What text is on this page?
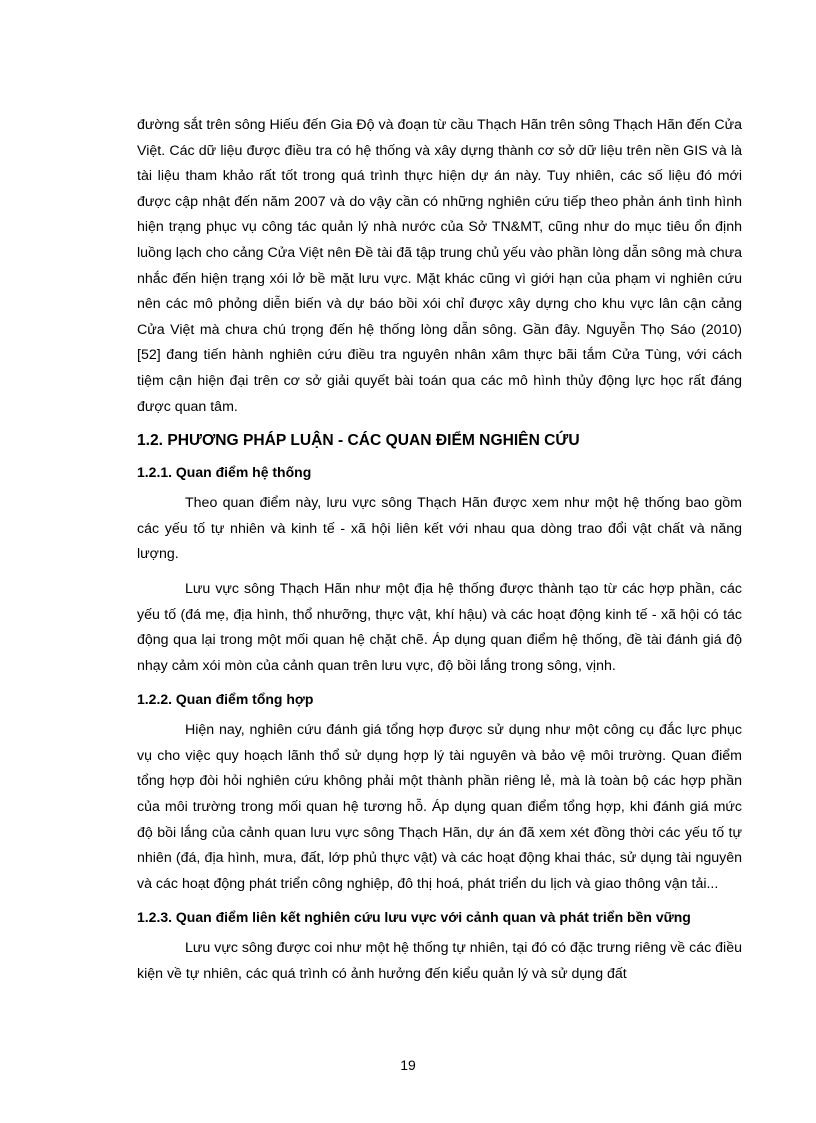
đường sắt trên sông Hiếu đến Gia Độ và đoạn từ cầu Thạch Hãn trên sông Thạch Hãn đến Cửa Việt. Các dữ liệu được điều tra có hệ thống và xây dựng thành cơ sở dữ liệu trên nền GIS và là tài liệu tham khảo rất tốt trong quá trình thực hiện dự án này. Tuy nhiên, các số liệu đó mới được cập nhật đến năm 2007 và do vậy cần có những nghiên cứu tiếp theo phản ánh tình hình hiện trạng phục vụ công tác quản lý nhà nước của Sở TN&MT, cũng như do mục tiêu ổn định luồng lạch cho cảng Cửa Việt nên Đề tài đã tập trung chủ yếu vào phần lòng dẫn sông mà chưa nhắc đến hiện trạng xói lở bề mặt lưu vực. Mặt khác cũng vì giới hạn của phạm vi nghiên cứu nên các mô phỏng diễn biến và dự báo bồi xói chỉ được xây dựng cho khu vực lân cận cảng Cửa Việt mà chưa chú trọng đến hệ thống lòng dẫn sông. Gần đây. Nguyễn Thọ Sáo (2010) [52] đang tiến hành nghiên cứu điều tra nguyên nhân xâm thực bãi tắm Cửa Tùng, với cách tiệm cận hiện đại trên cơ sở giải quyết bài toán qua các mô hình thủy động lực học rất đáng được quan tâm.

1.2. PHƯƠNG PHÁP LUẬN - CÁC QUAN ĐIỂM NGHIÊN CỨU
1.2.1. Quan điểm hệ thống

Theo quan điểm này, lưu vực sông Thạch Hãn được xem như một hệ thống bao gồm các yếu tố tự nhiên và kinh tế - xã hội liên kết với nhau qua dòng trao đổi vật chất và năng lượng.

Lưu vực sông Thạch Hãn như một địa hệ thống được thành tạo từ các hợp phần, các yếu tố (đá mẹ, địa hình, thổ nhưỡng, thực vật, khí hậu) và các hoạt động kinh tế - xã hội có tác động qua lại trong một mối quan hệ chặt chẽ. Áp dụng quan điểm hệ thống, đề tài đánh giá độ nhạy cảm xói mòn của cảnh quan trên lưu vực, độ bồi lắng trong sông, vịnh.

1.2.2. Quan điểm tổng hợp

Hiện nay, nghiên cứu đánh giá tổng hợp được sử dụng như một công cụ đắc lực phục vụ cho việc quy hoạch lãnh thổ sử dụng hợp lý tài nguyên và bảo vệ môi trường. Quan điểm tổng hợp đòi hỏi nghiên cứu không phải một thành phần riêng lẻ, mà là toàn bộ các hợp phần của môi trường trong mối quan hệ tương hỗ. Áp dụng quan điểm tổng hợp, khi đánh giá mức độ bồi lắng của cảnh quan lưu vực sông Thạch Hãn, dự án đã xem xét đồng thời các yếu tố tự nhiên (đá, địa hình, mưa, đất, lớp phủ thực vật) và các hoạt động khai thác, sử dụng tài nguyên và các hoạt động phát triển công nghiệp, đô thị hoá, phát triển du lịch và giao thông vận tải...

1.2.3. Quan điểm liên kết nghiên cứu lưu vực với cảnh quan và phát triển bền vững

Lưu vực sông được coi như một hệ thống tự nhiên, tại đó có đặc trưng riêng về các điều kiện về tự nhiên, các quá trình có ảnh hưởng đến kiểu quản lý và sử dụng đất

19
